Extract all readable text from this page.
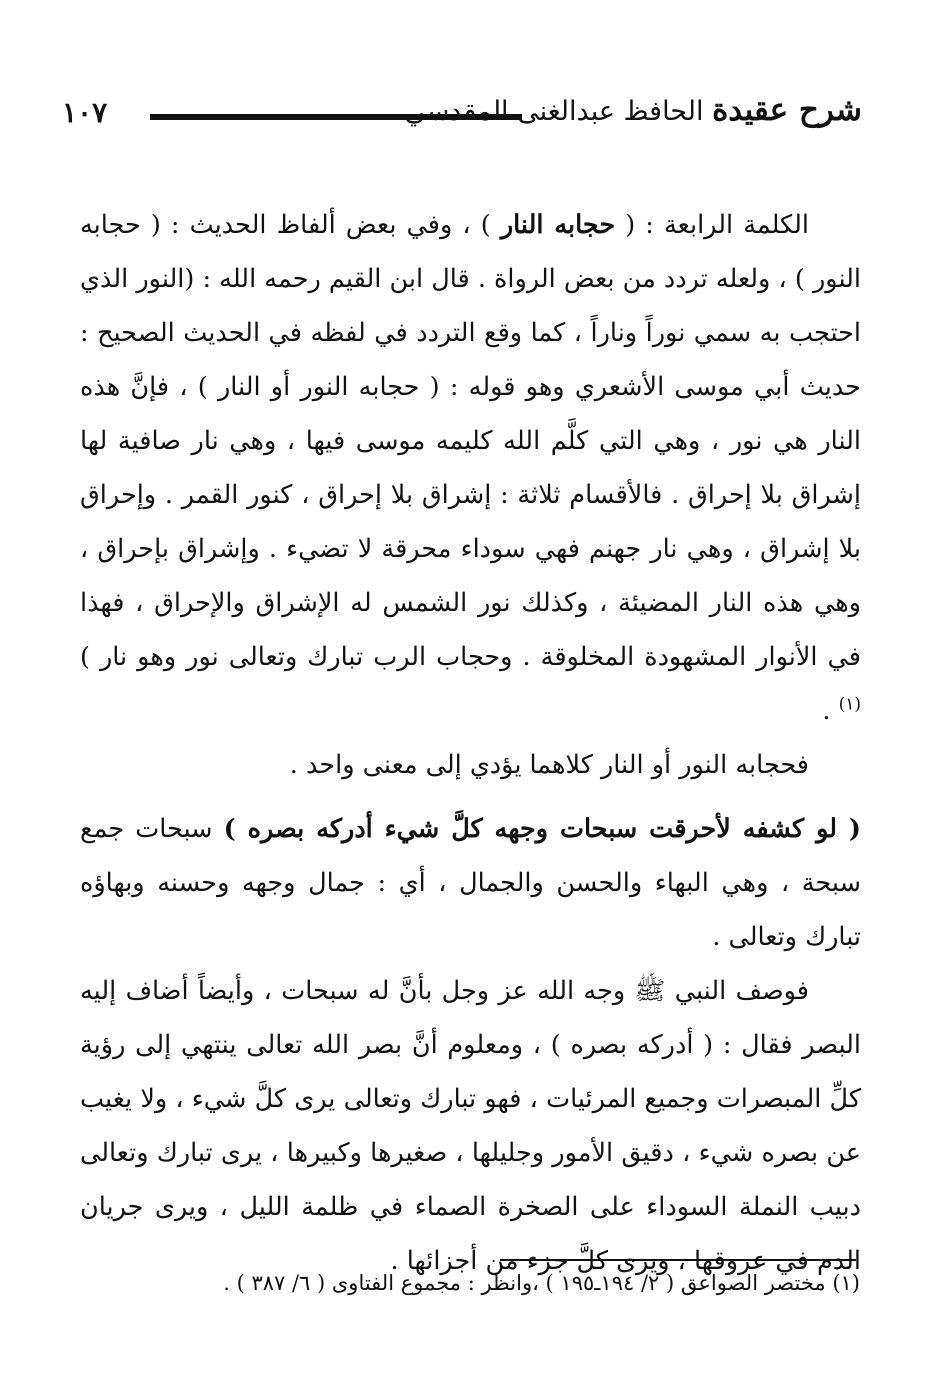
١٠٧	شرح عقيدة الحافظ عبدالغنى المقدسي

الكلمة الرابعة : ( حجابه النار ) ، وفي بعض ألفاظ الحديث : ( حجابه النور ) ، ولعله تردد من بعض الرواة . قال ابن القيم رحمه الله : (النور الذي احتجب به سمي نوراً وناراً ، كما وقع التردد في لفظه في الحديث الصحيح : حديث أبي موسى الأشعري وهو قوله : ( حجابه النور أو النار ) ، فإنَّ هذه النار هي نور ، وهي التي كلَّم الله كليمه موسى فيها ، وهي نار صافية لها إشراق بلا إحراق . فالأقسام ثلاثة : إشراق بلا إحراق ، كنور القمر . وإحراق بلا إشراق ، وهي نار جهنم فهي سوداء محرقة لا تضيء . وإشراق بإحراق ، وهي هذه النار المضيئة ، وكذلك نور الشمس له الإشراق والإحراق ، فهذا في الأنوار المشهودة المخلوقة . وحجاب الرب تبارك وتعالى نور وهو نار ) $^{(١)}$ .

فحجابه النور أو النار كلاهما يؤدي إلى معنى واحد .

( لو كشفه لأحرقت سبحات وجهه كلَّ شيء أدركه بصره ) سبحات جمع سبحة ، وهي البهاء والحسن والجمال ، أي : جمال وجهه وحسنه وبهاؤه تبارك وتعالى .

فوصف النبي ﷺ وجه الله عز وجل بأنَّ له سبحات ، وأيضاً أضاف إليه البصر فقال : ( أدركه بصره ) ، ومعلوم أنَّ بصر الله تعالى ينتهي إلى رؤية كلِّ المبصرات وجميع المرئيات ، فهو تبارك وتعالى يرى كلَّ شيء ، ولا يغيب عن بصره شيء ، دقيق الأمور وجليلها ، صغيرها وكبيرها ، يرى تبارك وتعالى دبيب النملة السوداء على الصخرة الصماء في ظلمة الليل ، ويرى جريان الدم في عروقها ، ويرى كلَّ جزء من أجزائها .

(١) مختصر الصواعق ( ٢/ ١٩٤ـ١٩٥ ) ،وانظر : مجموع الفتاوى ( ٦/ ٣٨٧ ) .
